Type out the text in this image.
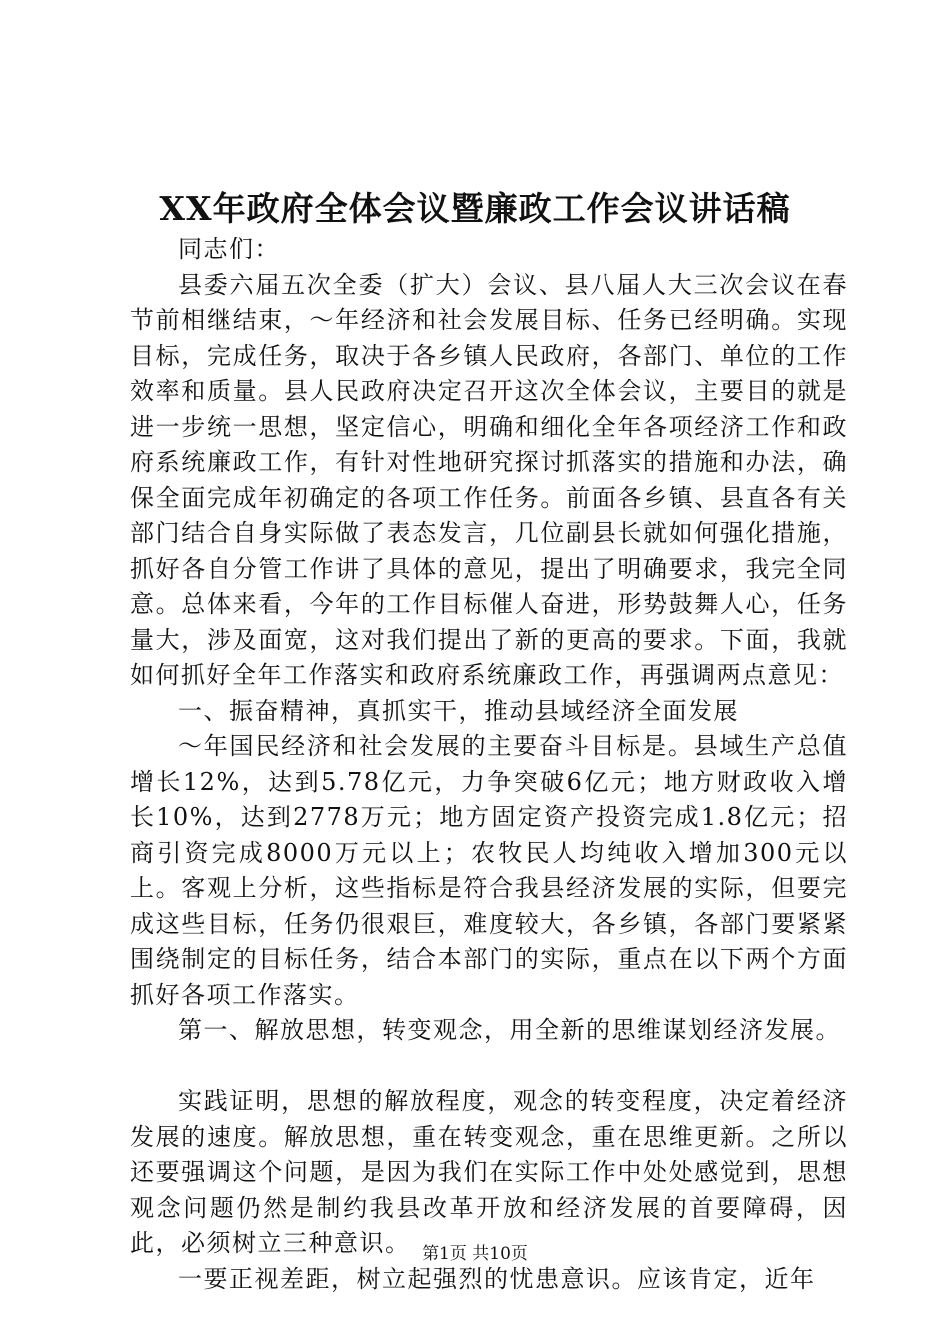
XX年政府全体会议暨廉政工作会议讲话稿

同志们：

县委六届五次全委（扩大）会议、县八届人大三次会议在春节前相继结束，～年经济和社会发展目标、任务已经明确。实现目标，完成任务，取决于各乡镇人民政府，各部门、单位的工作效率和质量。县人民政府决定召开这次全体会议，主要目的就是进一步统一思想，坚定信心，明确和细化全年各项经济工作和政府系统廉政工作，有针对性地研究探讨抓落实的措施和办法，确保全面完成年初确定的各项工作任务。前面各乡镇、县直各有关部门结合自身实际做了表态发言，几位副县长就如何强化措施，抓好各自分管工作讲了具体的意见，提出了明确要求，我完全同意。总体来看，今年的工作目标催人奋进，形势鼓舞人心，任务量大，涉及面宽，这对我们提出了新的更高的要求。下面，我就如何抓好全年工作落实和政府系统廉政工作，再强调两点意见：

一、振奋精神，真抓实干，推动县域经济全面发展

～年国民经济和社会发展的主要奋斗目标是。县域生产总值增长12%，达到5.78亿元，力争突破6亿元；地方财政收入增长10%，达到2778万元；地方固定资产投资完成1.8亿元；招商引资完成8000万元以上；农牧民人均纯收入增加300元以上。客观上分析，这些指标是符合我县经济发展的实际，但要完成这些目标，任务仍很艰巨，难度较大，各乡镇，各部门要紧紧围绕制定的目标任务，结合本部门的实际，重点在以下两个方面抓好各项工作落实。

第一、解放思想，转变观念，用全新的思维谋划经济发展。

实践证明，思想的解放程度，观念的转变程度，决定着经济发展的速度。解放思想，重在转变观念，重在思维更新。之所以还要强调这个问题，是因为我们在实际工作中处处感觉到，思想观念问题仍然是制约我县改革开放和经济发展的首要障碍，因此，必须树立三种意识。

一要正视差距，树立起强烈的忧患意识。应该肯定，近年

第1页 共10页
